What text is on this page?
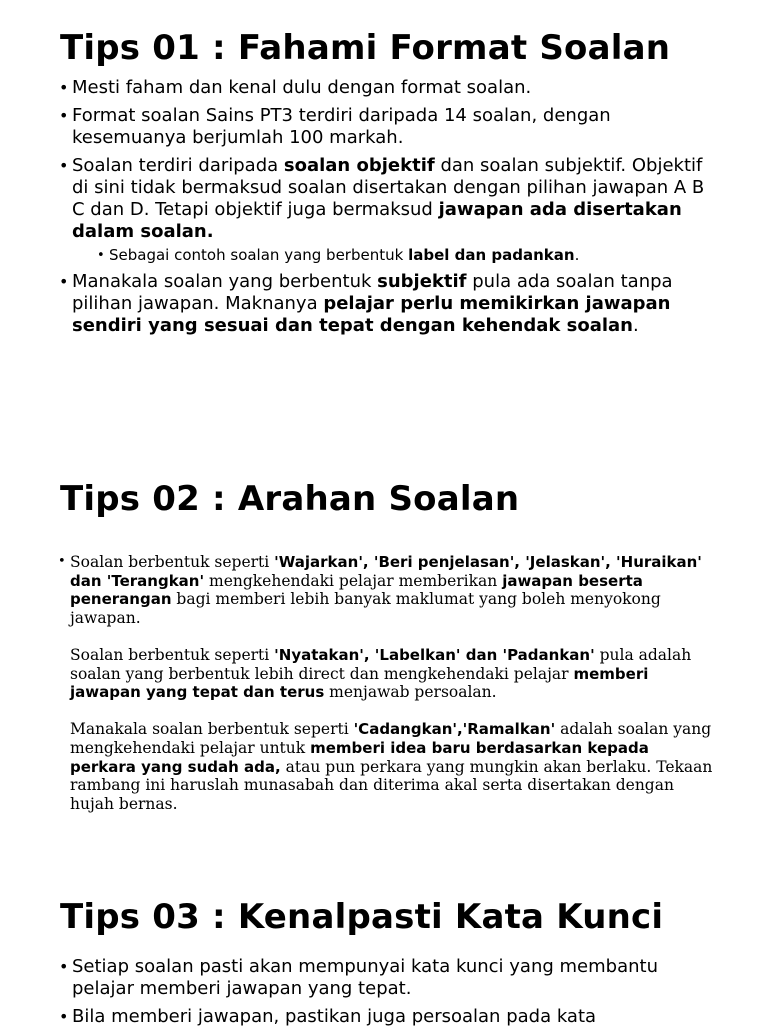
Tips 01 : Fahami Format Soalan
• Mesti faham dan kenal dulu dengan format soalan.
• Format soalan Sains PT3 terdiri daripada 14 soalan, dengan kesemuanya berjumlah 100 markah.
• Soalan terdiri daripada soalan objektif dan soalan subjektif. Objektif di sini tidak bermaksud soalan disertakan dengan pilihan jawapan A B C dan D. Tetapi objektif juga bermaksud jawapan ada disertakan dalam soalan.
• Sebagai contoh soalan yang berbentuk label dan padankan.
• Manakala soalan yang berbentuk subjektif pula ada soalan tanpa pilihan jawapan. Maknanya pelajar perlu memikirkan jawapan sendiri yang sesuai dan tepat dengan kehendak soalan.
Tips 02 : Arahan Soalan

• Soalan berbentuk seperti 'Wajarkan', 'Beri penjelasan', 'Jelaskan', 'Huraikan' dan 'Terangkan' mengkehendaki pelajar memberikan jawapan beserta penerangan bagi memberi lebih banyak maklumat yang boleh menyokong jawapan.

Soalan berbentuk seperti 'Nyatakan', 'Labelkan' dan 'Padankan' pula adalah soalan yang berbentuk lebih direct dan mengkehendaki pelajar memberi jawapan yang tepat dan terus menjawab persoalan.

Manakala soalan berbentuk seperti 'Cadangkan','Ramalkan' adalah soalan yang mengkehendaki pelajar untuk memberi idea baru berdasarkan kepada perkara yang sudah ada, atau pun perkara yang mungkin akan berlaku. Tekaan rambang ini haruslah munasabah dan diterima akal serta disertakan dengan hujah bernas.

Tips 03 : Kenalpasti Kata Kunci
• Setiap soalan pasti akan mempunyai kata kunci yang membantu pelajar memberi jawapan yang tepat.
• Bila memberi jawapan, pastikan juga persoalan pada kata
